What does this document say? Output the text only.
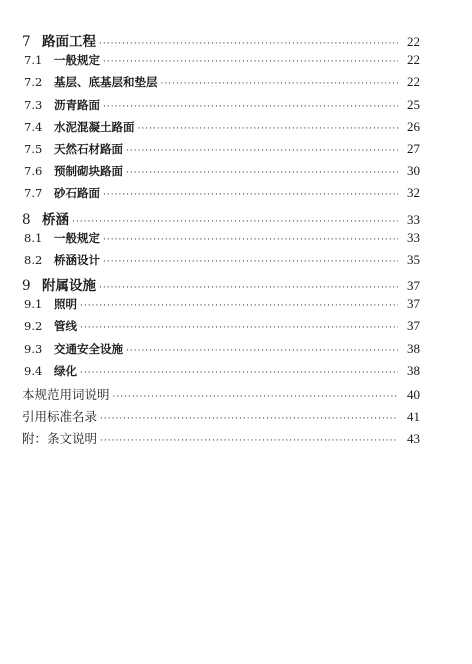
7 路面工程 ·····	22
7.1	一般规定 ·····	22
7.2	基层、底基层和垫层 ·····	22
7.3	沥青路面 ·····	25
7.4	水泥混凝土路面 ·····	26
7.5	天然石材路面 ·····	27
7.6	预制砌块路面 ·····	30
7.7	砂石路面 ·····	32
8 桥涵 ·····	33
8.1	一般规定 ·····	33
8.2	桥涵设计 ·····	35
9 附属设施 ·····	37
9.1	照明 ·····	37
9.2	管线 ·····	37
9.3	交通安全设施 ·····	38
9.4	绿化 ·····	38
本规范用词说明 ·····	40
引用标准名录 ·····	41
附：条文说明 ·····	43
